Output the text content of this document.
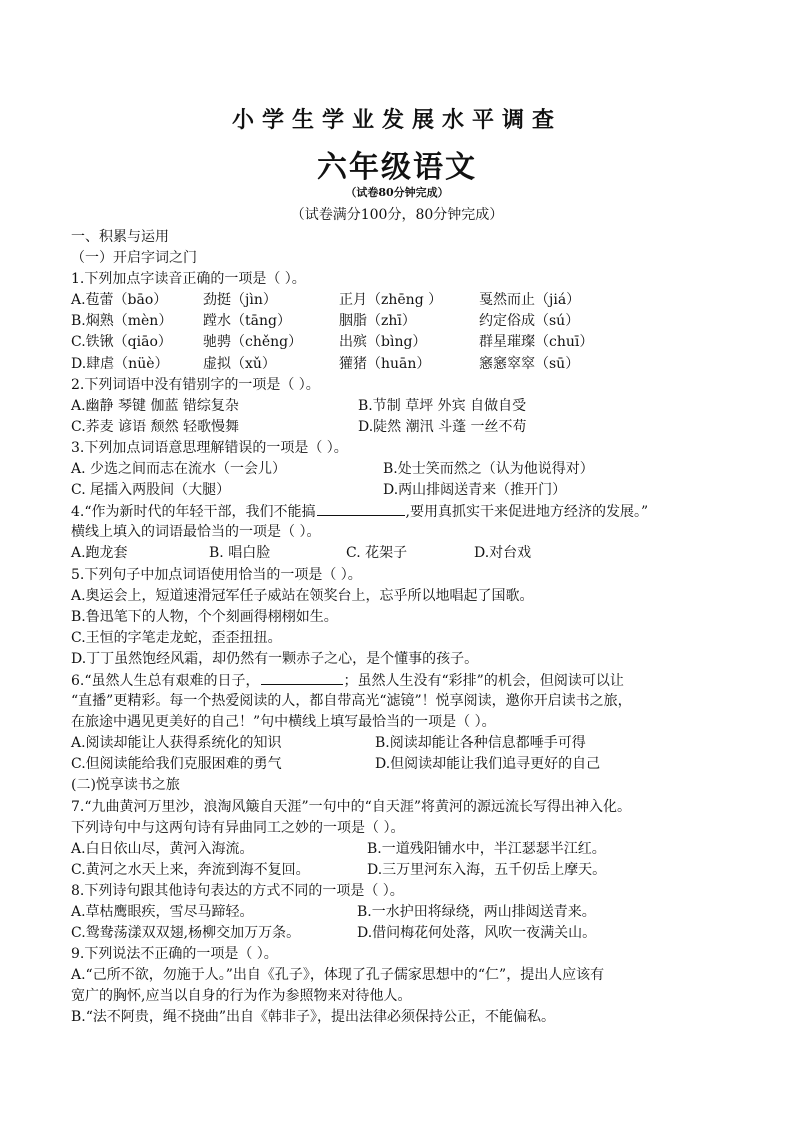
小学生学业发展水平调查
六年级语文
（试卷80分钟完成）
（试卷满分100分，80分钟完成）
一、积累与运用
（一）开启字词之门
1.下列加点字读音正确的一项是（ ）。
A.苞蕾（bāo）	劲挺（jìn）	正月（zhēng ）	戛然而止（jiá）
B.焖熟（mèn）	蹚水（tāng）	胭脂（zhī）	约定俗成（sú）
C.铁锹（qiāo）	驰骋（chěng）	出殡（bìng）	群星璀璨（chuī）
D.肆虐（nüè）	虚拟（xǔ）	獾猪（huān）	窸窸窣窣（sū）
2.下列词语中没有错别字的一项是（ ）。
A.幽静 琴键 伽蓝 错综复杂	B.节制 草坪 外宾 自做自受
C.荞麦 谚语 颓然 轻歌慢舞	D.陡然 潮汛 斗蓬 一丝不苟
3.下列加点词语意思理解错误的一项是（ ）。
A. 少选之间而志在流水（一会儿）	B.处士笑而然之（认为他说得对）
C. 尾擂入两股间（大腿）	D.两山排闼送青来（推开门）
4.“作为新时代的年轻干部，我们不能搞	,要用真抓实干来促进地方经济的发展。”
横线上填入的词语最恰当的一项是（ ）。
A.跑龙套	B. 唱白脸	C. 花架子	D.对台戏
5.下列句子中加点词语使用恰当的一项是（ ）。
A.奥运会上，短道速滑冠军任子威站在领奖台上，忘乎所以地唱起了国歌。
B.鲁迅笔下的人物，个个刻画得栩栩如生。
C.王恒的字笔走龙蛇，歪歪扭扭。
D.丁丁虽然饱经风霜，却仍然有一颗赤子之心，是个懂事的孩子。
6.“虽然人生总有艰难的日子，	；虽然人生没有“彩排”的机会，但阅读可以让
“直播”更精彩。每一个热爱阅读的人，都自带高光“滤镜”！悦享阅读，邀你开启读书之旅，
在旅途中遇见更美好的自己！”句中横线上填写最恰当的一项是（ ）。
A.阅读却能让人获得系统化的知识	B.阅读却能让各种信息都唾手可得
C.但阅读能给我们克服困难的勇气	D.但阅读却能让我们追寻更好的自己
(二)悦享读书之旅
7.“九曲黄河万里沙，浪淘风簸自天涯”一句中的“自天涯”将黄河的源远流长写得出神入化。
下列诗句中与这两句诗有异曲同工之妙的一项是（ ）。
A.白日依山尽，黄河入海流。	B.一道残阳铺水中，半江瑟瑟半江红。
C.黄河之水天上来，奔流到海不复回。	D.三万里河东入海，五千仞岳上摩天。
8.下列诗句跟其他诗句表达的方式不同的一项是（ ）。
A.草枯鹰眼疾，雪尽马蹄轻。	B.一水护田将绿绕，两山排闼送青来。
C.鸳鸯荡漾双双翅,杨柳交加万万条。	D.借问梅花何处落，风吹一夜满关山。
9.下列说法不正确的一项是（ ）。
A.“己所不欲，勿施于人。”出自《孔子》，体现了孔子儒家思想中的“仁”，提出人应该有
宽广的胸怀,应当以自身的行为作为参照物来对待他人。
B.“法不阿贵，绳不挠曲”出自《韩非子》，提出法律必须保持公正，不能偏私。
